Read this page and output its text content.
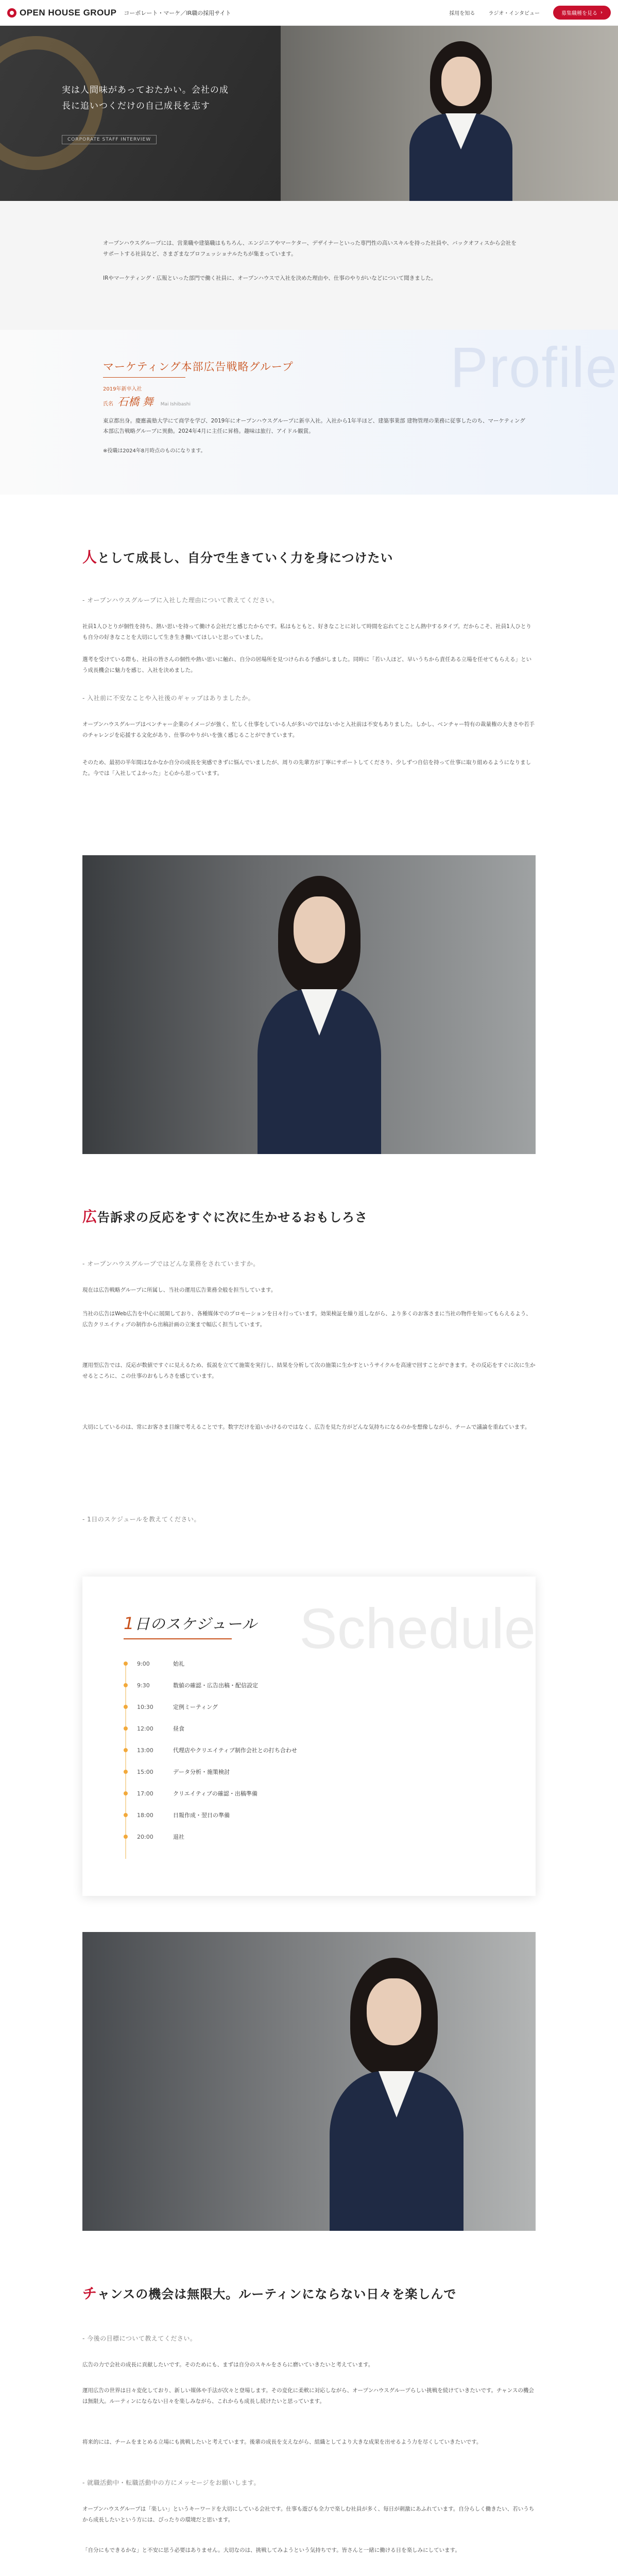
OPEN HOUSE GROUP コーポレート・マーケ／IR職の採用サイト	採用を知る	ラジオ・インタビュー	募集職種を見る ›
実は人間味があっておたかい。会社の成
長に追いつくだけの自己成長を志す
CORPORATE STAFF INTERVIEW

オープンハウスグループには、営業職や建築職はもちろん、エンジニアやマーケター、デザイナーといった専門性の高いスキルを持った社員や、バックオフィスから会社をサポートする社員など、さまざまなプロフェッショナルたちが集まっています。

IRやマーケティング・広報といった部門で働く社員に、オープンハウスで入社を決めた理由や、仕事のやりがいなどについて聞きました。

Profile
マーケティング本部広告戦略グループ
2019年新卒入社
氏名 石橋 舞 Mai Ishibashi

東京都出身。慶應義塾大学にて商学を学び、2019年にオープンハウスグループに新卒入社。入社から1年半ほど、建築事業部 建物管理の業務に従事したのち、マーケティング本部広告戦略グループに異動。2024年4月に主任に昇格。趣味は旅行、アイドル観賞。

※役職は2024年8月時点のものになります。

人として成長し、自分で生きていく力を身につけたい

- オープンハウスグループに入社した理由について教えてください。

社員1人ひとりが個性を持ち、熱い思いを持って働ける会社だと感じたからです。私はもともと、好きなことに対して時間を忘れてとことん熱中するタイプ。だからこそ、社員1人ひとりも自分の好きなことを大切にして生き生き働いてほしいと思っていました。

選考を受けている際も、社員の皆さんの個性や熱い思いに触れ、自分の居場所を見つけられる予感がしました。同時に「若い人ほど、早いうちから責任ある立場を任せてもらえる」という成長機会に魅力を感じ、入社を決めました。

- 入社前に不安なことや入社後のギャップはありましたか。

オープンハウスグループはベンチャー企業のイメージが強く、忙しく仕事をしている人が多いのではないかと入社前は不安もありました。しかし、ベンチャー特有の裁量権の大きさや若手のチャレンジを応援する文化があり、仕事のやりがいを強く感じることができています。

そのため、最初の半年間はなかなか自分の成長を実感できずに悩んでいましたが、周りの先輩方が丁寧にサポートしてくださり、少しずつ自信を持って仕事に取り組めるようになりました。今では「入社してよかった」と心から思っています。

広告訴求の反応をすぐに次に生かせるおもしろさ

- オープンハウスグループではどんな業務をされていますか。

現在は広告戦略グループに所属し、当社の運用広告業務全般を担当しています。

当社の広告はWeb広告を中心に展開しており、各種媒体でのプロモーションを日々行っています。効果検証を繰り返しながら、より多くのお客さまに当社の物件を知ってもらえるよう、広告クリエイティブの制作から出稿計画の立案まで幅広く担当しています。

運用型広告では、反応が数値ですぐに見えるため、仮説を立てて施策を実行し、結果を分析して次の施策に生かすというサイクルを高速で回すことができます。その反応をすぐに次に生かせるところに、この仕事のおもしろさを感じています。

大切にしているのは、常にお客さま目線で考えることです。数字だけを追いかけるのではなく、広告を見た方がどんな気持ちになるのかを想像しながら、チームで議論を重ねています。

- 1日のスケジュールを教えてください。

Schedule
1日のスケジュール
9:00	始礼
9:30	数値の確認・広告出稿・配信設定
10:30	定例ミーティング
12:00	昼食
13:00	代理店やクリエイティブ制作会社との打ち合わせ
15:00	データ分析・施策検討
17:00	クリエイティブの確認・出稿準備
18:00	日報作成・翌日の準備
20:00	退社
チャンスの機会は無限大。ルーティンにならない日々を楽しんで

- 今後の目標について教えてください。

広告の力で会社の成長に貢献したいです。そのためにも、まずは自分のスキルをさらに磨いていきたいと考えています。

運用広告の世界は日々変化しており、新しい媒体や手法が次々と登場します。その変化に柔軟に対応しながら、オープンハウスグループらしい挑戦を続けていきたいです。チャンスの機会は無限大。ルーティンにならない日々を楽しみながら、これからも成長し続けたいと思っています。

将来的には、チームをまとめる立場にも挑戦したいと考えています。後輩の成長を支えながら、組織としてより大きな成果を出せるよう力を尽くしていきたいです。

- 就職活動中・転職活動中の方にメッセージをお願いします。

オープンハウスグループは「楽しい」というキーワードを大切にしている会社です。仕事も遊びも全力で楽しむ社員が多く、毎日が刺激にあふれています。自分らしく働きたい、若いうちから成長したいという方には、ぴったりの環境だと思います。

「自分にもできるかな」と不安に思う必要はありません。大切なのは、挑戦してみようという気持ちです。皆さんと一緒に働ける日を楽しみにしています。
